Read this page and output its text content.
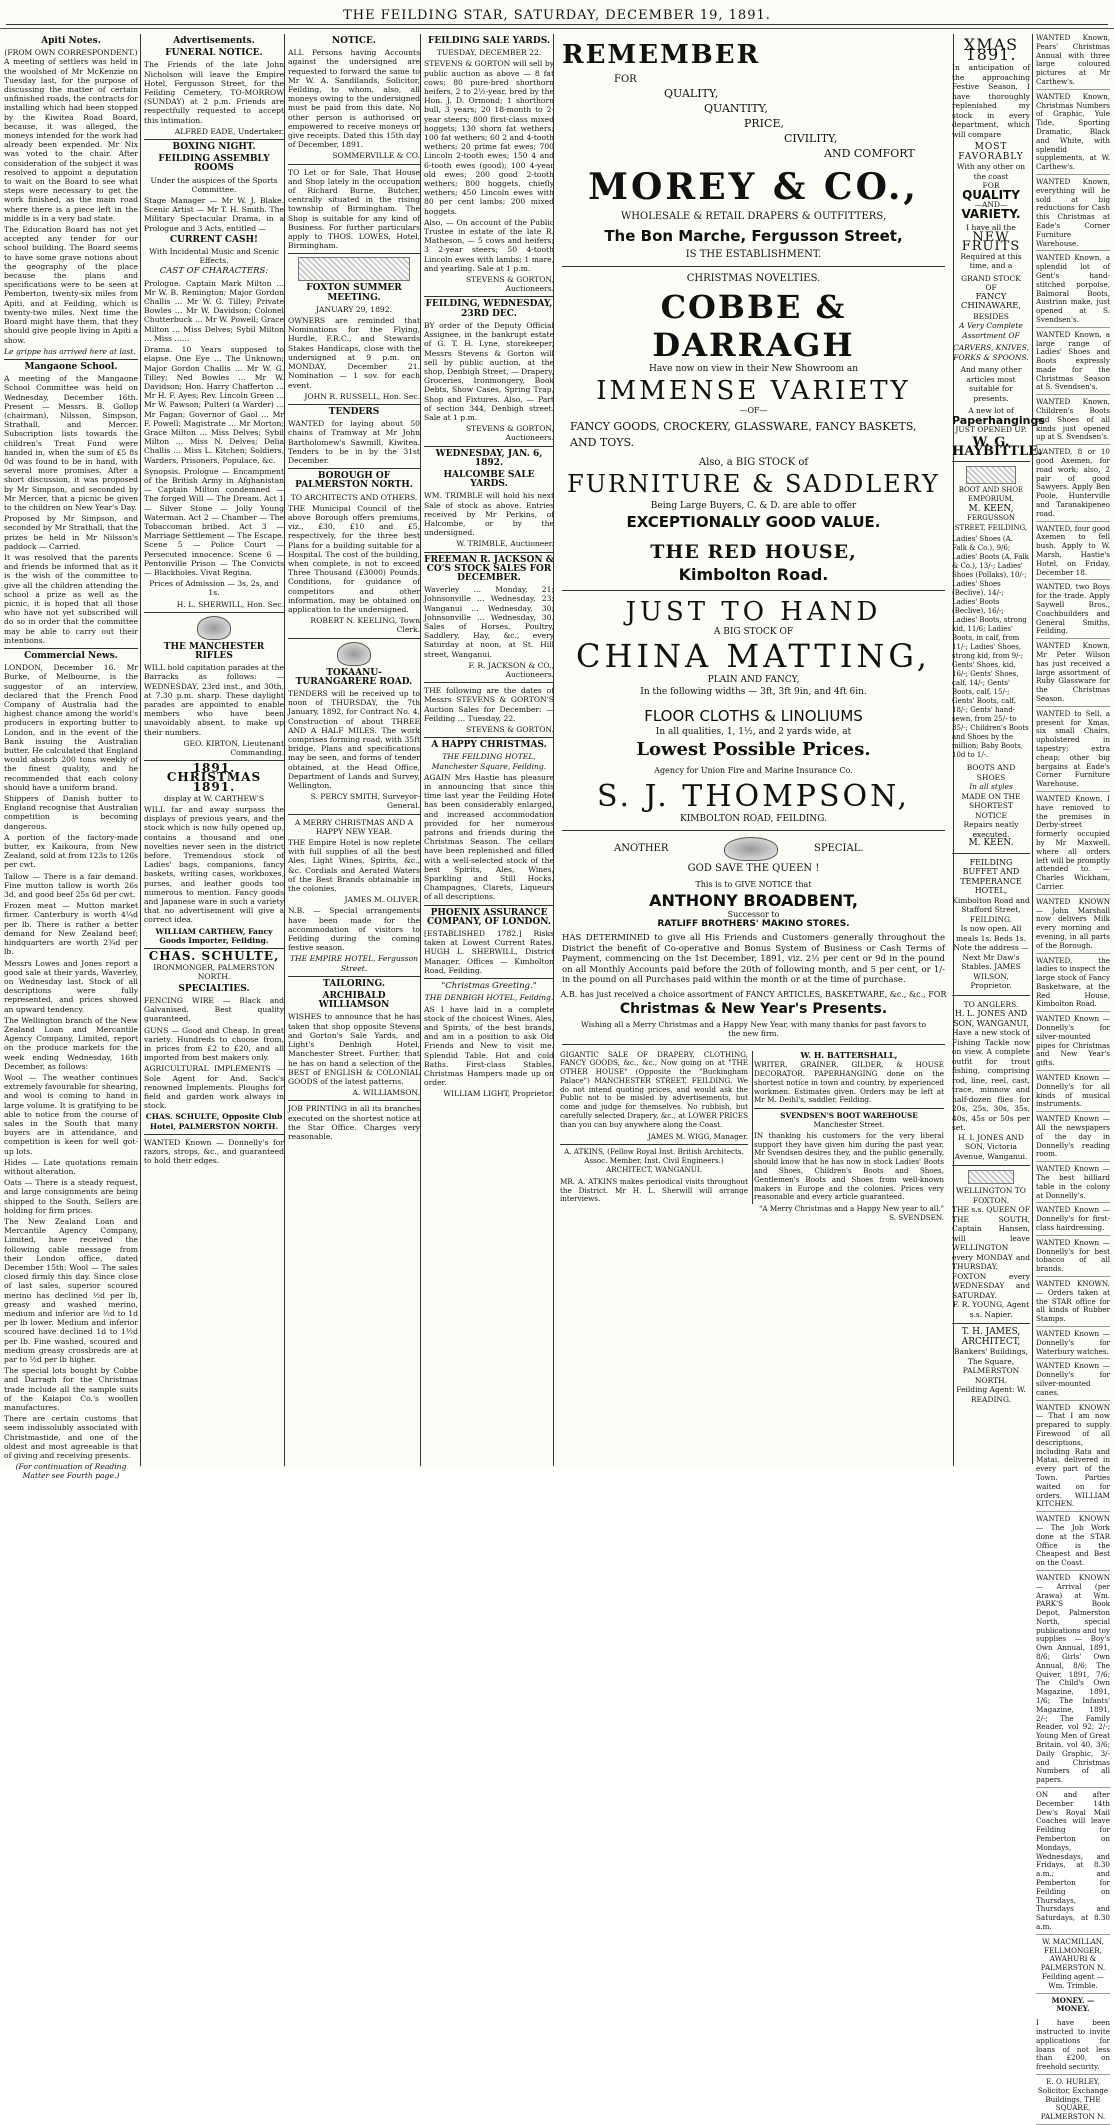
THE FEILDING STAR, SATURDAY, DECEMBER 19, 1891.
Apiti Notes.
(FROM OWN CORRESPONDENT.)

A meeting of settlers was held in the woolshed of Mr McKenzie on Tuesday last, for the purpose of discussing the matter of certain unfinished roads, the contracts for installing which had been stopped by the Kiwitea Road Board, because, it was alleged, the moneys intended for the work had already been expended. Mr Nix was voted to the chair. After consideration of the subject it was resolved to appoint a deputation to wait on the Board to see what steps were necessary to get the work finished, as the main road where there is a piece left in the middle is in a very bad state.

The Education Board has not yet accepted any tender for our school building. The Board seems to have some grave notions about the geography of the place because the plans and specifications were to be seen at Pemberton, twenty-six miles from Apiti, and at Feilding, which is twenty-two miles. Next time the Board might have them, that they should give people living in Apiti a show.

Le grippe has arrived here at last.

Mangaone School.

A meeting of the Mangaone School Committee was held on Wednesday, December 16th. Present — Messrs. B. Gollop (chairman), Nilsson, Simpson, Strathall, and Mercer. Subscription lists towards the children's Treat Fund were handed in, when the sum of £5 8s 0d was found to be in hand, with several more promises. After a short discussion, it was proposed by Mr Simpson, and seconded by Mr Mercer, that a picnic be given to the children on New Year's Day.

Proposed by Mr Simpson, and seconded by Mr Strathall, that the prizes be held in Mr Nilsson's paddock — Carried.

It was resolved that the parents and friends be informed that as it is the wish of the committee to give all the children attending the school a prize as well as the picnic, it is hoped that all those who have not yet subscribed will do so in order that the committee may be able to carry out their intentions.

Commercial News.

LONDON, December 16. Mr Burke, of Melbourne, is the suggestor of an interview, declared that the French Food Company of Australia had the highest chance among the world's producers in exporting butter to London, and in the event of the Bank issuing the Australian butter. He calculated that England would absorb 200 tons weekly of the finest quality, and he recommended that each colony should have a uniform brand.

Shippers of Danish butter to England recognise that Australian competition is becoming dangerous.

A portion of the factory-made butter, ex Kaikoura, from New Zealand, sold at from 123s to 126s per cwt.

Tallow — There is a fair demand. Fine mutton tallow is worth 26s 3d, and good beef 25s 6d per cwt.

Frozen meat — Mutton market firmer. Canterbury is worth 4¼d per lb. There is rather a better demand for New Zealand beef; hindquarters are worth 2¾d per lb.

Messrs Lowes and Jones report a good sale at their yards, Waverley, on Wednesday last. Stock of all descriptions were fully represented, and prices showed an upward tendency.

The Wellington branch of the New Zealand Loan and Mercantile Agency Company, Limited, report on the produce markets for the week ending Wednesday, 16th December, as follows:

Wool — The weather continues extremely favourable for shearing, and wool is coming to hand in large volume. It is gratifying to be able to notice from the course of sales in the South that many buyers are in attendance, and competition is keen for well got-up lots.

Hides — Late quotations remain without alteration.

Oats — There is a steady request, and large consignments are being shipped to the South. Sellers are holding for firm prices.

The New Zealand Loan and Mercantile Agency Company, Limited, have received the following cable message from their London office, dated December 15th: Wool — The sales closed firmly this day. Since close of last sales, superior scoured merino has declined ½d per lb, greasy and washed merino, medium and inferior are ½d to 1d per lb lower. Medium and inferior scoured have declined 1d to 1½d per lb. Fine washed, scoured and medium greasy crossbreds are at par to ½d per lb higher.

The special lots bought by Cobbe and Darragh for the Christmas trade include all the sample suits of the Kaiapoi Co.'s woollen manufactures.

There are certain customs that seem indissolubly associated with Christmastide, and one of the oldest and most agreeable is that of giving and receiving presents.

(For continuation of Reading Matter see Fourth page.)

Advertisements.
FUNERAL NOTICE.

The Friends of the late John Nicholson will leave the Empire Hotel, Fergusson Street, for the Feilding Cemetery, TO-MORROW (SUNDAY) at 2 p.m. Friends are respectfully requested to accept this intimation.

ALFRED EADE, Undertaker.

BOXING NIGHT.
FEILDING ASSEMBLY ROOMS

Under the auspices of the Sports Committee.

Stage Manager — Mr W. J. Blake. Scenic Artist — Mr T. H. Smith. The Military Spectacular Drama, in a Prologue and 3 Acts, entitled —

CURRENT CASH!

With Incidental Music and Scenic Effects.

CAST OF CHARACTERS:

Prologue. Captain Mark Milton … Mr W. B. Remington; Major Gordon Challis … Mr W. G. Tilley; Private Bowles … Mr W. Davidson; Colonel Chutterbuck … Mr W. Powell; Grace Milton … Miss Delves; Sybil Milton … Miss ……

Drama. 10 Years supposed to elapse. One Eye … The Unknown; Major Gordon Challis … Mr W. G. Tilley; Ned Bowles … Mr W. Davidson; Hon. Harry Chafferton … Mr H. F. Ayes; Rev. Lincoln Green … Mr W. Pawson; Pulteri (a Warder) … Mr Fagan; Governor of Gaol … Mr F. Powell; Magistrate … Mr Morton; Grace Milton … Miss Delves; Sybil Milton … Miss N. Delves; Delia Challis … Miss L. Kitchen; Soldiers, Warders, Prisoners, Populace, &c.

Synopsis. Prologue — Encampment of the British Army in Afghanistan — Captain Milton condemned — The forged Will — The Dream. Act 1 — Silver Stone — Jolly Young Waterman. Act 2 — Chamber — The Tobaccoman bribed. Act 3 — Marriage Settlement — The Escape. Scene 5 — Police Court — Persecuted innocence. Scene 6 — Pentonville Prison — The Convicts — Blackholes. Vivat Regina.

Prices of Admission — 3s, 2s, and 1s.

H. L. SHERWILL, Hon. Sec.

THE MANCHESTER RIFLES

WILL hold capitation parades at the Barracks as follows: — WEDNESDAY, 23rd inst., and 30th, at 7.30 p.m. sharp. These daylight parades are appointed to enable members who have been unavoidably absent, to make up their numbers.

GEO. KIRTON, Lieutenant Commanding.

1891. CHRISTMAS 1891.

display at W. CARTHEW'S

WILL far and away surpass the displays of previous years, and the stock which is now fully opened up, contains a thousand and one novelties never seen in the district before. Tremendous stock of Ladies' bags, companions, fancy baskets, writing cases, workboxes, purses, and leather goods too numerous to mention. Fancy goods and Japanese ware in such a variety that no advertisement will give a correct idea.

WILLIAM CARTHEW, Fancy Goods Importer, Feilding.

CHAS. SCHULTE,

IRONMONGER, PALMERSTON NORTH.

SPECIALTIES.

FENCING WIRE — Black and Galvanised. Best quality guaranteed.

GUNS — Good and Cheap. In great variety. Hundreds to choose from, in prices from £2 to £20, and all imported from best makers only.

AGRICULTURAL IMPLEMENTS — Sole Agent for And. Sack's renowned Implements. Ploughs for field and garden work always in stock.

CHAS. SCHULTE, Opposite Club Hotel, PALMERSTON NORTH.

WANTED Known — Donnelly's for razors, strops, &c., and guaranteed to hold their edges.

NOTICE.

ALL Persons having Accounts against the undersigned are requested to forward the same to Mr W. A. Sandilands, Solicitor, Feilding, to whom, also, all moneys owing to the undersigned must be paid from this date. No other person is authorised or empowered to receive moneys or give receipts. Dated this 15th day of December, 1891.

SOMMERVILLE & CO.

TO Let or for Sale, That House and Shop lately in the occupation of Richard Burne, Butcher, centrally situated in the rising township of Birmingham. The Shop is suitable for any kind of Business. For further particulars apply to THOS. LOWES, Hotel, Birmingham.

FOXTON SUMMER MEETING.

JANUARY 29, 1892.

OWNERS are reminded that Nominations for the Flying, Hurdle, F.R.C., and Stewards Stakes Handicaps, close with the undersigned at 9 p.m. on MONDAY, December 21. Nomination — 1 sov. for each event.

JOHN R. RUSSELL, Hon. Sec.

TENDERS

WANTED for laying about 50 chains of Tramway at Mr John Bartholomew's Sawmill, Kiwitea. Tenders to be in by the 31st December.

BOROUGH OF PALMERSTON NORTH.

TO ARCHITECTS AND OTHERS.

THE Municipal Council of the above Borough offers premiums, viz., £30, £10 and £5, respectively, for the three best Plans for a building suitable for a Hospital. The cost of the building, when complete, is not to exceed Three Thousand (£3000) Pounds. Conditions, for guidance of competitors and other information, may be obtained on application to the undersigned.

ROBERT N. KEELING, Town Clerk.

TOKAANU-TURANGARERE ROAD.

TENDERS will be received up to noon of THURSDAY, the 7th January, 1892, for Contract No. 4, Construction of about THREE AND A HALF MILES. The work comprises forming road, with 35ft bridge. Plans and specifications may be seen, and forms of tender obtained, at the Head Office, Department of Lands and Survey, Wellington.

S. PERCY SMITH, Surveyor-General.

A MERRY CHRISTMAS AND A HAPPY NEW YEAR.

THE Empire Hotel is now replete with full supplies of all the best Ales, Light Wines, Spirits, &c., &c. Cordials and Aerated Waters of the Best Brands obtainable in the colonies.

JAMES M. OLIVER.

N.B. — Special arrangements have been made for the accommodation of visitors to Feilding during the coming festive season.

THE EMPIRE HOTEL, Fergusson Street.

TAILORING.
ARCHIBALD WILLIAMSON

WISHES to announce that he has taken that shop opposite Stevens and Gorton's Sale Yards, and Light's Denbigh Hotel, Manchester Street. Further, that he has on hand a selection of the BEST of ENGLISH & COLONIAL GOODS of the latest patterns.

A. WILLIAMSON.

JOB PRINTING in all its branches executed on the shortest notice at the Star Office. Charges very reasonable.

FEILDING SALE YARDS.

TUESDAY, DECEMBER 22.

STEVENS & GORTON will sell by public auction as above — 8 fat cows; 80 pure-bred shorthorn heifers, 2 to 2½-year, bred by the Hon. J. D. Ormond; 1 shorthorn bull, 3 years; 20 18-month to 2-year steers; 800 first-class mixed hoggets; 130 shorn fat wethers; 100 fat wethers; 60 2 and 4-tooth wethers; 20 prime fat ewes; 700 Lincoln 2-tooth ewes; 150 4 and 6-tooth ewes (good); 100 4-year old ewes; 200 good 2-tooth wethers; 800 hoggets, chiefly wethers; 450 Lincoln ewes with 80 per cent lambs; 200 mixed hoggets.

Also, — On account of the Public Trustee in estate of the late R. Matheson, — 5 cows and heifers; 3 2-year steers; 50 4-tooth Lincoln ewes with lambs; 1 mare, and yearling. Sale at 1 p.m.

STEVENS & GORTON, Auctioneers.

FEILDING, WEDNESDAY, 23RD DEC.

BY order of the Deputy Official Assignee, in the bankrupt estate of G. T. H. Lyne, storekeeper, Messrs Stevens & Gorton will sell by public auction, at the shop, Denbigh Street, — Drapery, Groceries, Ironmongery, Book Debts, Show Cases, Spring Trap, Shop and Fixtures. Also, — Part of section 344, Denbigh street. Sale at 1 p.m.

STEVENS & GORTON, Auctioneers.

WEDNESDAY, JAN. 6, 1892.
HALCOMBE SALE YARDS.

WM. TRIMBLE will hold his next Sale of stock as above. Entries received by Mr Perkins, of Halcombe, or by the undersigned.

W. TRIMBLE, Auctioneer.

FREEMAN R. JACKSON & CO'S STOCK SALES FOR DECEMBER.

Waverley … Monday, 21; Johnsonville … Wednesday, 23; Wanganui … Wednesday, 30; Johnsonville … Wednesday, 30. Sales of Horses, Poultry, Saddlery, Hay, &c., every Saturday at noon, at St. Hill street, Wanganui.

F. R. JACKSON & CO., Auctioneers.

THE following are the dates of Messrs STEVENS & GORTON'S Auction Sales for December: — Feilding … Tuesday, 22.

STEVENS & GORTON.

A HAPPY CHRISTMAS.

THE FEILDING HOTEL, Manchester Square, Feilding.

AGAIN Mrs Hastie has pleasure in announcing that since this time last year the Feilding Hotel has been considerably enlarged, and increased accommodation provided for her numerous patrons and friends during the Christmas Season. The cellars have been replenished and filled with a well-selected stock of the best Spirits, Ales, Wines, Sparkling and Still Hocks, Champagnes, Clarets, Liqueurs of all descriptions.

PHOENIX ASSURANCE COMPANY, OF LONDON.

[ESTABLISHED 1782.] Risks taken at Lowest Current Rates. HUGH L. SHERWILL, District Manager. Offices — Kimbolton Road, Feilding.

"Christmas Greeting."

THE DENBIGH HOTEL, Feilding.

AS I have laid in a complete stock of the choicest Wines, Ales, and Spirits, of the best brands, and am in a position to ask Old Friends and New to visit me. Splendid Table. Hot and cold Baths. First-class Stables. Christmas Hampers made up on order.

WILLIAM LIGHT, Proprietor.

REMEMBER
FOR
QUALITY,
QUANTITY,
PRICE,
CIVILITY,
AND COMFORT
MOREY & CO.,
WHOLESALE & RETAIL DRAPERS & OUTFITTERS,
The Bon Marche, Fergusson Street,
IS THE ESTABLISHMENT.
CHRISTMAS NOVELTIES.
COBBE & DARRAGH
Have now on view in their New Showroom an
IMMENSE VARIETY
—OF—
FANCY GOODS, CROCKERY, GLASSWARE, FANCY BASKETS, AND TOYS.
Also, a BIG STOCK of
FURNITURE & SADDLERY
Being Large Buyers, C. & D. are able to offer
EXCEPTIONALLY GOOD VALUE.
THE RED HOUSE,
Kimbolton Road.
JUST TO HAND
A BIG STOCK OF
CHINA MATTING,
PLAIN AND FANCY,
In the following widths — 3ft, 3ft 9in, and 4ft 6in.
FLOOR CLOTHS & LINOLIUMS
In all qualities, 1, 1½, and 2 yards wide, at
Lowest Possible Prices.
Agency for Union Fire and Marine Insurance Co.
S. J. THOMPSON,
KIMBOLTON ROAD, FEILDING.
ANOTHER	SPECIAL.
GOD SAVE THE QUEEN !
This is to GIVE NOTICE that
ANTHONY BROADBENT,
Successor to
RATLIFF BROTHERS' MAKINO STORES.
HAS DETERMINED to give all His Friends and Customers generally throughout the District the benefit of Co-operative and Bonus System of Business or Cash Terms of Payment, commencing on the 1st December, 1891, viz. 2½ per cent or 9d in the pound on all Monthly Accounts paid before the 20th of following month, and 5 per cent, or 1/- in the pound on all Purchases paid within the month or at the time of purchase.
A.B. has just received a choice assortment of FANCY ARTICLES, BASKETWARE, &c., &c., FOR
Christmas & New Year's Presents.
Wishing all a Merry Christmas and a Happy New Year, with many thanks for past favors to the new firm.

GIGANTIC SALE OF DRAPERY, CLOTHING, FANCY GOODS, &c., &c., Now going on at "THE OTHER HOUSE" (Opposite the "Buckingham Palace") MANCHESTER STREET, FEILDING. We do not intend quoting prices, and would ask the Public not to be misled by advertisements, but come and judge for themselves. No rubbish, but carefully selected Drapery, &c., at LOWER PRICES than you can buy anywhere along the Coast.

JAMES M. WIGG, Manager.

A. ATKINS, (Fellow Royal Inst. British Architects, Assoc. Member, Inst. Civil Engineers.) ARCHITECT, WANGANUI.

MR. A. ATKINS makes periodical visits throughout the District. Mr H. L. Sherwill will arrange interviews.

W. H. BATTERSHALL,

WRITER, GRAINER, GILDER, & HOUSE DECORATOR. PAPERHANGING done on the shortest notice in town and country, by experienced workmen. Estimates given. Orders may be left at Mr M. Deihl's, saddler, Feilding.

SVENDSEN'S BOOT WAREHOUSE

Manchester Street.

IN thanking his customers for the very liberal support they have given him during the past year, Mr Svendsen desires they, and the public generally, should know that he has now in stock Ladies' Boots and Shoes, Children's Boots and Shoes, Gentlemen's Boots and Shoes from well-known makers in Europe and the colonies. Prices very reasonable and every article guaranteed.

"A Merry Christmas and a Happy New year to all." S. SVENDSEN.

WANTED Known, Pears' Christmas Annual with three large coloured pictures at Mr Carthew's.

WANTED Known, Christmas Numbers of Graphic, Yule Tide, Sporting Dramatic, Black and White, with splendid supplements, at W. Carthew's.

WANTED Known, everything will be sold at big reductions for Cash this Christmas at Eade's Corner Furniture Warehouse.

WANTED Known, a splendid lot of Gent's hand-stitched porpoise, Balmoral Boots, Austrian make, just opened at S. Svendsen's.

WANTED Known, a large range of Ladies' Shoes and Boots expressly made for the Christmas Season at S. Svendsen's.

WANTED Known, Children's Boots and Shoes of all kinds just opened up at S. Svendsen's.

WANTED, 8 or 10 good Axemen, for road work; also, 2 pair of good Sawyers. Apply Ben Poole, Hunterville and Taranakipeneo road.

WANTED, four good Axemen to fell bush. Apply to W. Marsh, Hastie's Hotel, on Friday, December 18.

WANTED, two Boys for the trade. Apply Saywell Bros., Coachbuilders and General Smiths, Feilding.

WANTED Known, Mr Peter Wilson has just received a large assortment of Ruby Glassware for the Christmas Season.

WANTED to Sell, a present for Xmas, six small Chairs, upholstered in tapestry; extra cheap; other big bargains at Eade's Corner Furniture Warehouse.

WANTED Known, I have removed to the premises in Derby-street formerly occupied by Mr Maxwell, where all orders left will be promptly attended to. — Charles Wickham, Carrier.

WANTED KNOWN — John Marshall now delivers Milk every morning and evening, in all parts of the Borough.

WANTED, the ladies to inspect the large stock of Fancy Basketware, at the Red House, Kimbolton Road.

WANTED Known — Donnelly's for silver-mounted pipes for Christmas and New Year's gifts.

WANTED Known — Donnelly's for all kinds of musical instruments.

WANTED Known — All the newspapers of the day in Donnelly's reading room.

WANTED Known — The best billiard table in the colony at Donnelly's.

WANTED Known — Donnelly's for first-class hairdressing.

WANTED Known — Donnelly's for best tobacco of all brands.

WANTED KNOWN, — Orders taken at the STAR office for all kinds of Rubber Stamps.

WANTED Known — Donnelly's for Waterbury watches.

WANTED Known — Donnelly's for silver-mounted canes.

WANTED KNOWN — That I am now prepared to supply Firewood of all descriptions, including Rata and Matai, delivered in every part of the Town. Parties waited on for orders. WILLIAM KITCHEN.

WANTED KNOWN — The Job Work done at the STAR Office is the Cheapest and Best on the Coast.

WANTED KNOWN — Arrival (per Arawa) at Wm. PARK'S Book Depot, Palmerston North, special publications and toy supplies — Boy's Own Annual, 1891, 8/6; Girls' Own Annual, 8/6; The Quiver, 1891, 7/6; The Child's Own Magazine, 1891, 1/6; The Infants' Magazine, 1891, 2/-; The Family Reader, vol 92, 2/-; Young Men of Great Britain, vol 40, 3/6; Daily Graphic, 3/- and Christmas Numbers of all papers.

ON and after December 14th Dew's Royal Mail Coaches will leave Feilding for Pemberton on Mondays, Wednesdays, and Fridays, at 8.30 a.m.; and Pemberton for Feilding on Thursdays, Thursdays and Saturdays, at 8.30 a.m.

W. MACMILLAN, FELLMONGER, AWAHURI & PALMERSTON N. Feilding agent — Wm. Trimble.

MONEY. — MONEY.

I have been instructed to invite applications for loans of not less than £200, on freehold security.

E. O. HURLEY, Solicitor, Exchange Buildings, THE SQUARE, PALMERSTON N.

XMAS 1891.
In anticipation of the approaching Festive Season, I have thoroughly replenished my stock in every department, which will compare
MOST FAVORABLY
With any other on the coast
FOR
QUALITY
—AND—
VARIETY.
I have all the
NEW FRUITS
Required at this time, and a
GRAND STOCK
OF
FANCY CHINAWARE,
BESIDES
A Very Complete Assortment OF
CARVERS, KNIVES, FORKS & SPOONS.
And many other articles most suitable for presents.
A new lot of
Paperhangings
JUST OPENED UP.
W. G. HAYBITTLE.
BOOT AND SHOE EMPORIUM.
M. KEEN,
FERGUSSON STREET, FEILDING,
Ladies' Shoes (A. Falk & Co.), 9/6; Ladies' Boots (A. Falk & Co.), 13/-; Ladies' Shoes (Pollaks), 10/-; Ladies' Shoes (Beclive), 14/-; Ladies' Boots (Beclive), 16/-; Ladies' Boots, strong kid, 11/6; Ladies' Boots, in calf, from 11/-; Ladies' Shoes, strong kid, from 9/-; Gents' Shoes, kid, 16/-; Gents' Shoes, calf, 14/-; Gents' Boots, calf, 15/-; Gents' Boots, calf, 18/-; Gents' hand-sewn, from 25/- to 35/-; Children's Boots and Shoes by the million; Baby Boots, 10d to 1/-.
BOOTS AND SHOES
In all styles
MADE ON THE SHORTEST NOTICE
Repairs neatly executed.
M. KEEN.
FEILDING BUFFET AND TEMPERANCE HOTEL,
Kimbolton Road and Stafford Street, FEILDING.
Is now open. All meals 1s. Beds 1s.
Note the address — Next Mr Daw's Stables. JAMES WILSON, Proprietor.
TO ANGLERS.
H. L. JONES AND SON, WANGANUI,
Have a new stock of Fishing Tackle now on view. A complete outfit for trout fishing, comprising rod, line, reel, cast, trace, minnow and half-dozen flies for 20s, 25s, 30s, 35s, 40s, 45s or 50s per set.
H. I. JONES AND SON, Victoria Avenue, Wanganui.
WELLINGTON TO FOXTON.
THE s.s. QUEEN OF THE SOUTH, Captain Hansen, will leave WELLINGTON every MONDAY and THURSDAY, FOXTON every WEDNESDAY and SATURDAY.
F. R. YOUNG, Agent s.s. Napier.
T. H. JAMES, ARCHITECT,
Bankers' Buildings, The Square, PALMERSTON NORTH.
Feilding Agent: W. READING.
